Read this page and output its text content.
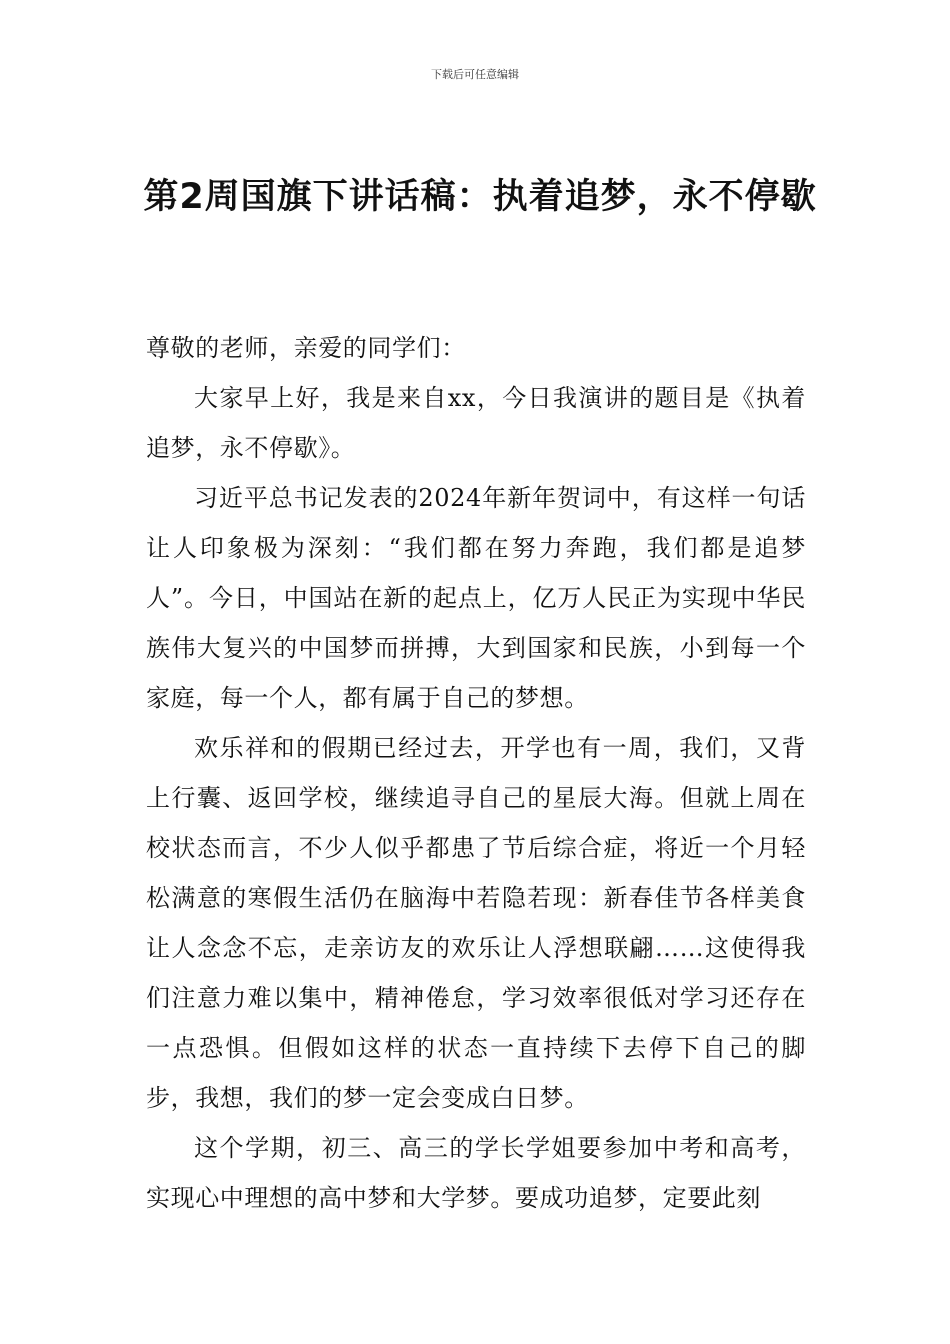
下载后可任意编辑
第2周国旗下讲话稿：执着追梦，永不停歇

尊敬的老师，亲爱的同学们：

大家早上好，我是来自xx，今日我演讲的题目是《执着追梦，永不停歇》。

习近平总书记发表的2024年新年贺词中，有这样一句话让人印象极为深刻：“我们都在努力奔跑，我们都是追梦人”。今日，中国站在新的起点上，亿万人民正为实现中华民族伟大复兴的中国梦而拼搏，大到国家和民族，小到每一个家庭，每一个人，都有属于自己的梦想。

欢乐祥和的假期已经过去，开学也有一周，我们，又背上行囊、返回学校，继续追寻自己的星辰大海。但就上周在校状态而言，不少人似乎都患了节后综合症，将近一个月轻松满意的寒假生活仍在脑海中若隐若现：新春佳节各样美食让人念念不忘，走亲访友的欢乐让人浮想联翩……这使得我们注意力难以集中，精神倦怠，学习效率很低对学习还存在一点恐惧。但假如这样的状态一直持续下去停下自己的脚步，我想，我们的梦一定会变成白日梦。

这个学期，初三、高三的学长学姐要参加中考和高考，实现心中理想的高中梦和大学梦。要成功追梦，定要此刻
